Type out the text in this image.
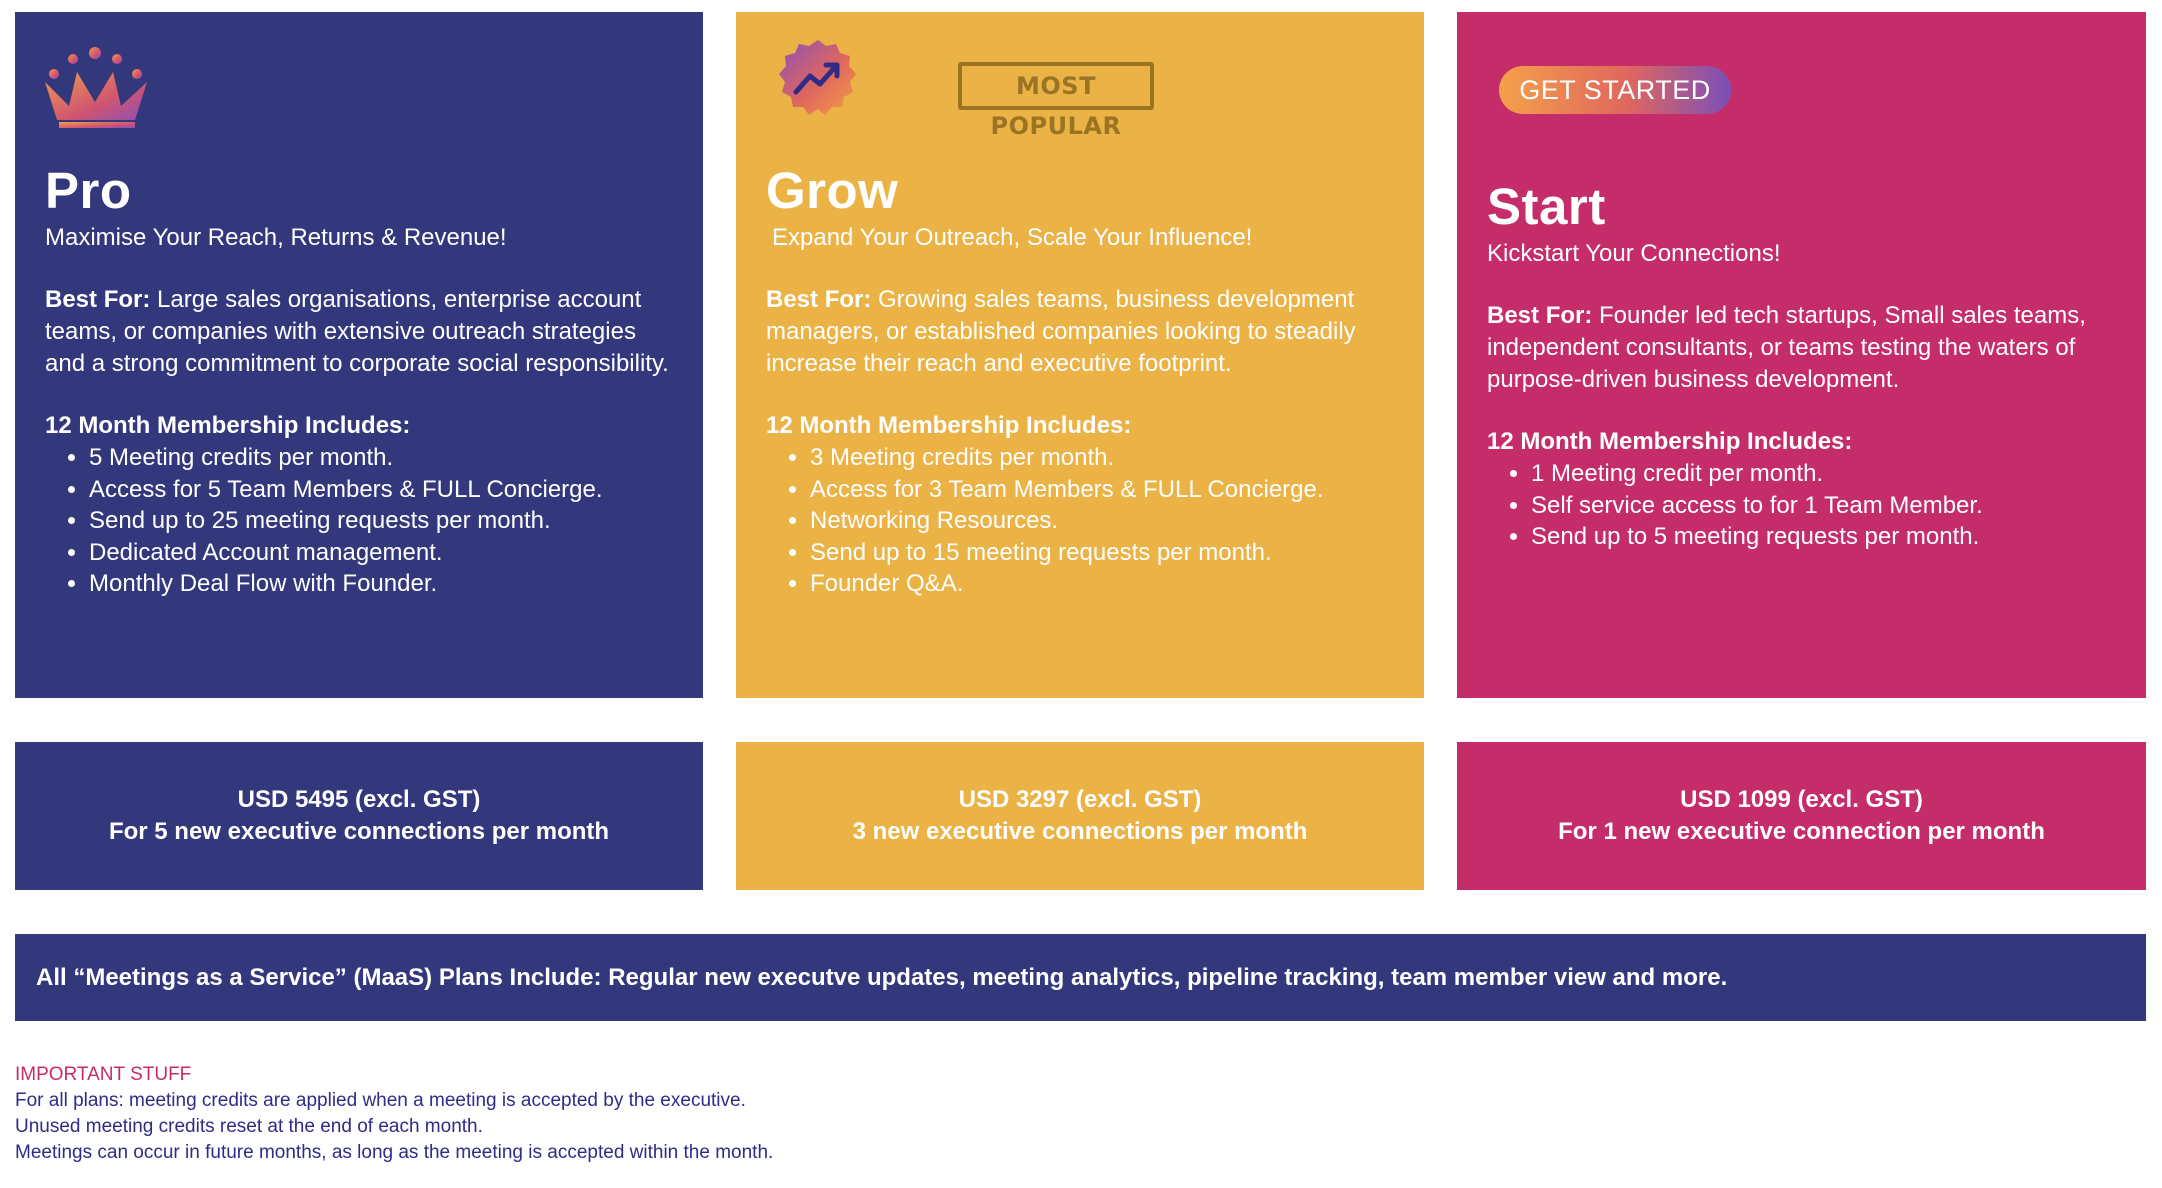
Pro

Maximise Your Reach, Returns & Revenue!

Best For: Large sales organisations, enterprise account teams, or companies with extensive outreach strategies and a strong commitment to corporate social responsibility.

12 Month Membership Includes:
• 5 Meeting credits per month.
• Access for 5 Team Members & FULL Concierge.
• Send up to 25 meeting requests per month.
• Dedicated Account management.
• Monthly Deal Flow with Founder.
MOST POPULAR
Grow

Expand Your Outreach, Scale Your Influence!

Best For: Growing sales teams, business development managers, or established companies looking to steadily increase their reach and executive footprint.

12 Month Membership Includes:
• 3 Meeting credits per month.
• Access for 3 Team Members & FULL Concierge.
• Networking Resources.
• Send up to 15 meeting requests per month.
• Founder Q&A.
GET STARTED
Start

Kickstart Your Connections!

Best For: Founder led tech startups, Small sales teams, independent consultants, or teams testing the waters of purpose-driven business development.

12 Month Membership Includes:
• 1 Meeting credit per month.
• Self service access to for 1 Team Member.
• Send up to 5 meeting requests per month.
USD 5495 (excl. GST)
For 5 new executive connections per month
USD 3297 (excl. GST)
3 new executive connections per month
USD 1099 (excl. GST)
For 1 new executive connection per month
All “Meetings as a Service” (MaaS) Plans Include: Regular new executve updates, meeting analytics, pipeline tracking, team member view and more.
IMPORTANT STUFF
For all plans: meeting credits are applied when a meeting is accepted by the executive.
Unused meeting credits reset at the end of each month.
Meetings can occur in future months, as long as the meeting is accepted within the month.
